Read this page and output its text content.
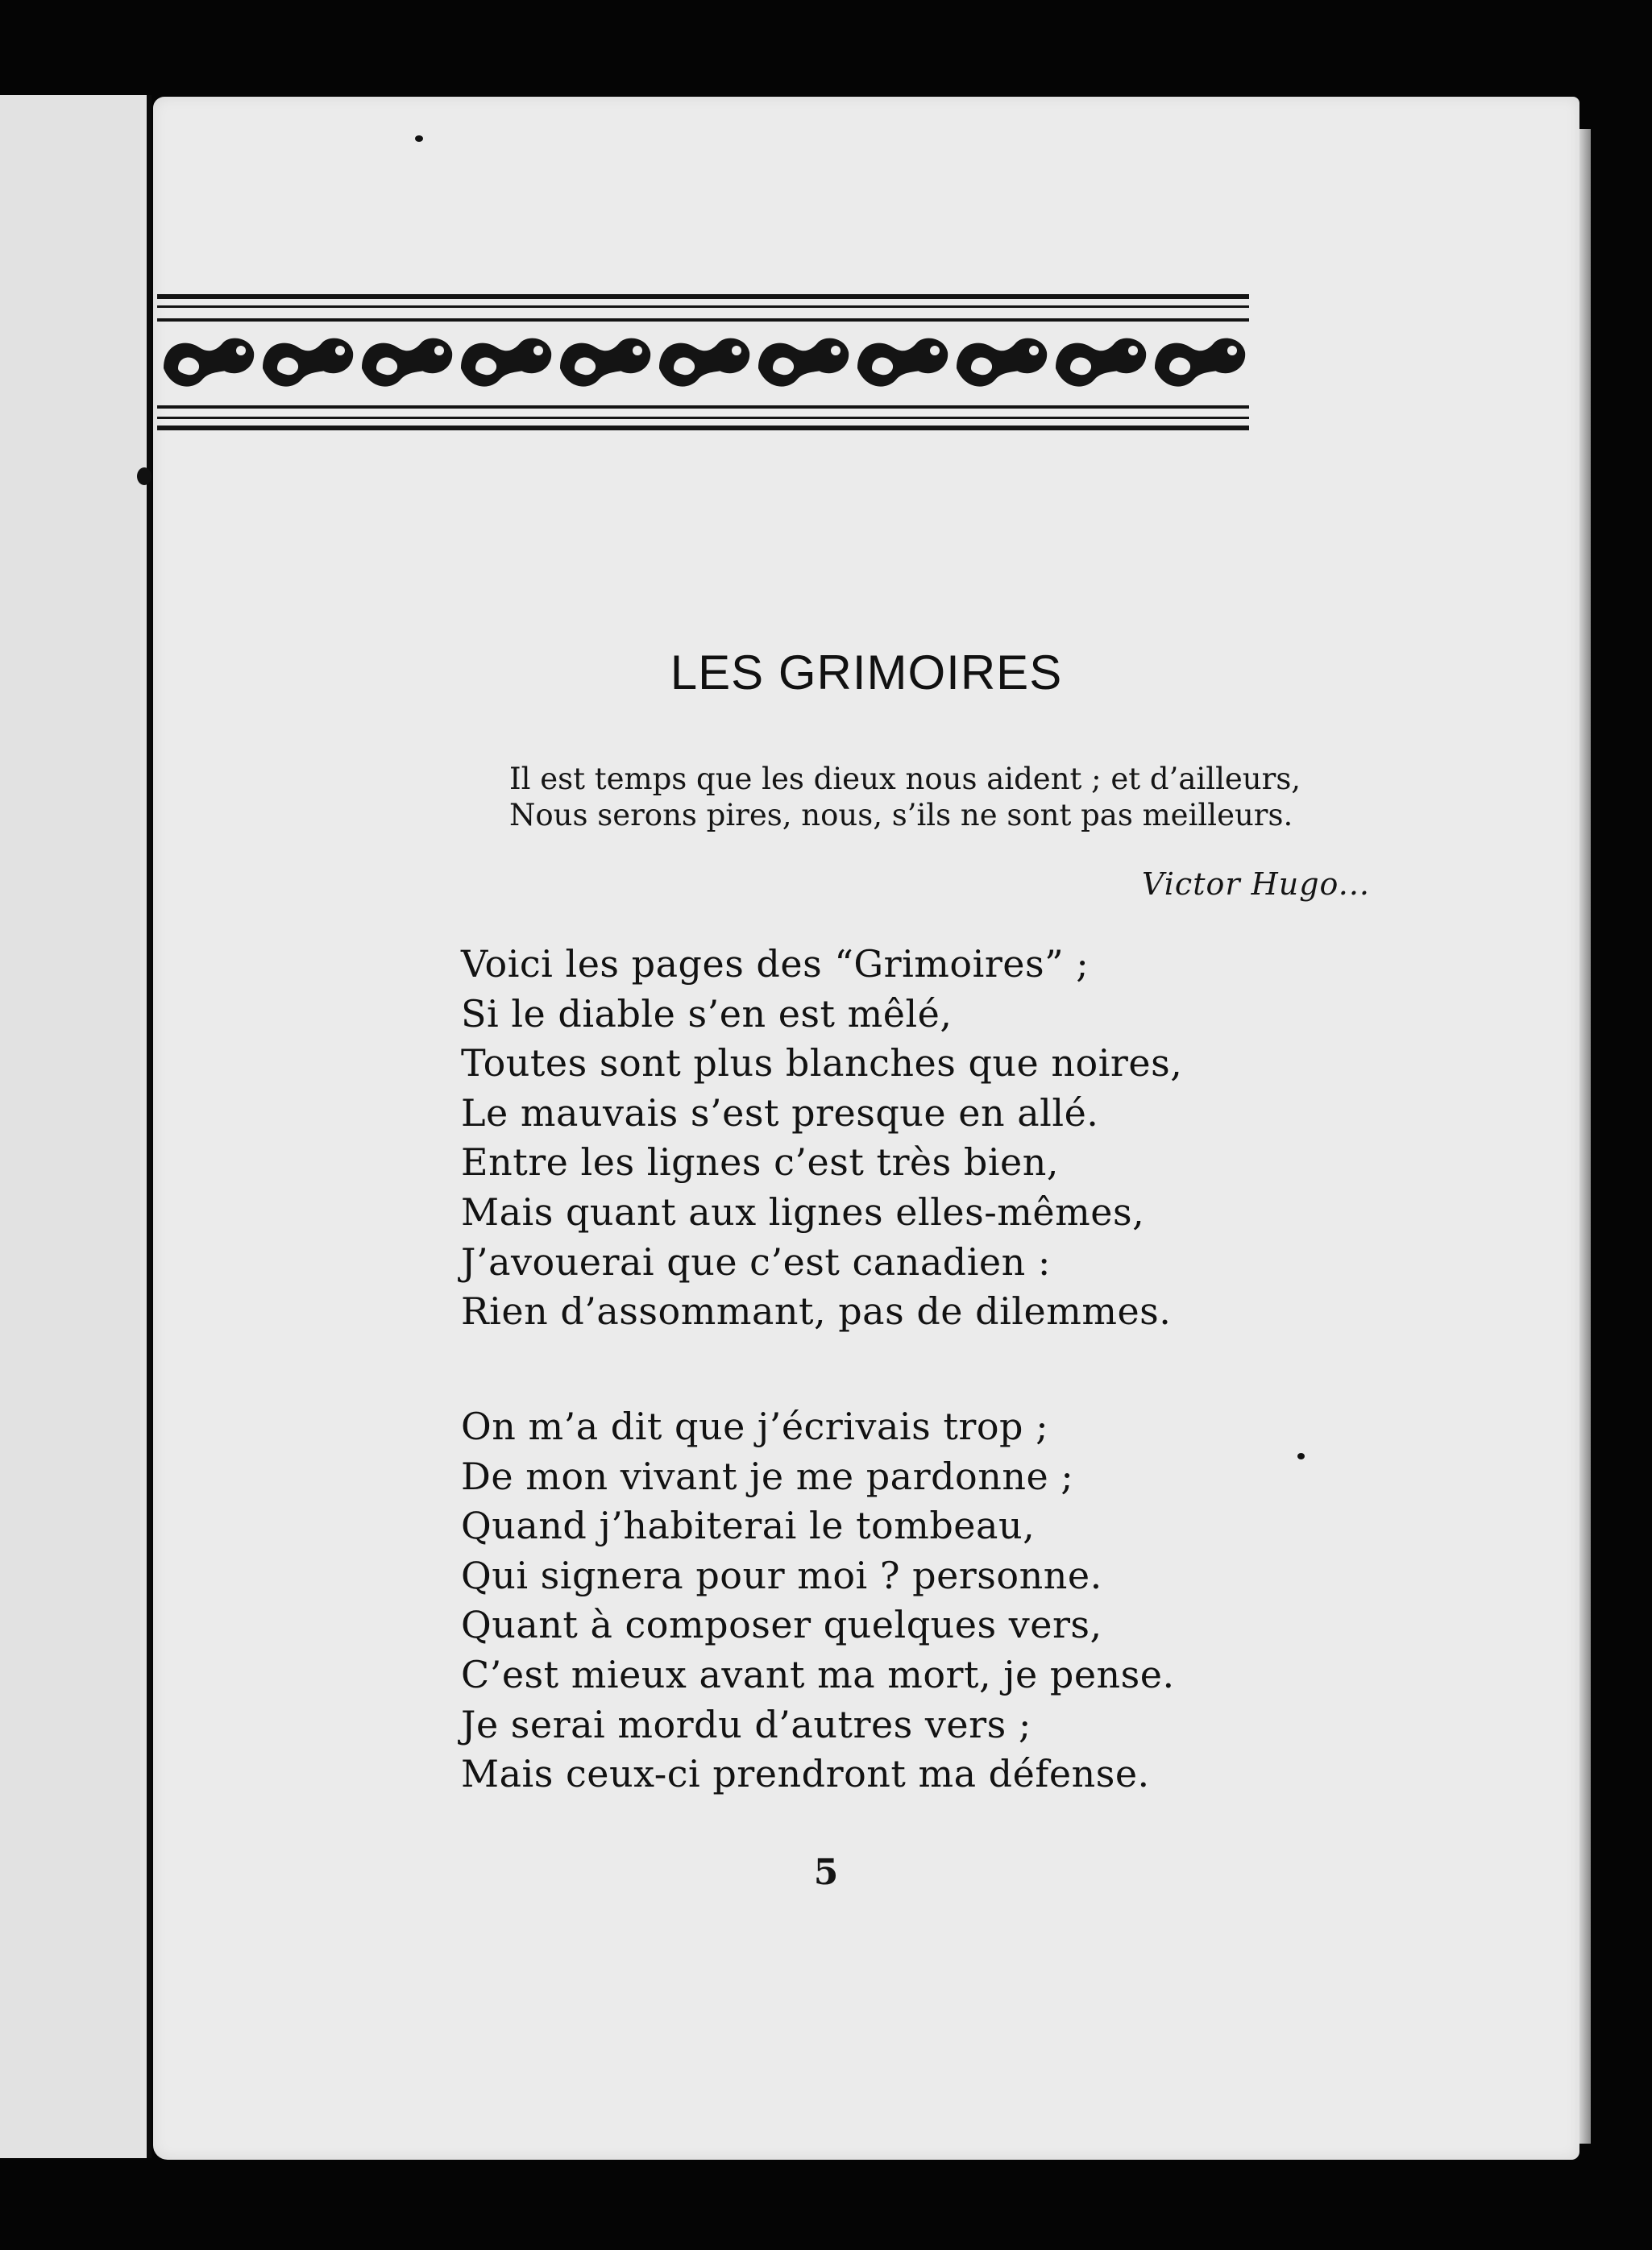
LES GRIMOIRES
Il est temps que les dieux nous aident ; et d’ailleurs,
Nous serons pires, nous, s’ils ne sont pas meilleurs.
Victor Hugo...
Voici les pages des “Grimoires” ;
Si le diable s’en est mêlé,
Toutes sont plus blanches que noires,
Le mauvais s’est presque en allé.
Entre les lignes c’est très bien,
Mais quant aux lignes elles-mêmes,
J’avouerai que c’est canadien :
Rien d’assommant, pas de dilemmes.
On m’a dit que j’écrivais trop ;
De mon vivant je me pardonne ;
Quand j’habiterai le tombeau,
Qui signera pour moi ? personne.
Quant à composer quelques vers,
C’est mieux avant ma mort, je pense.
Je serai mordu d’autres vers ;
Mais ceux-ci prendront ma défense.
5
